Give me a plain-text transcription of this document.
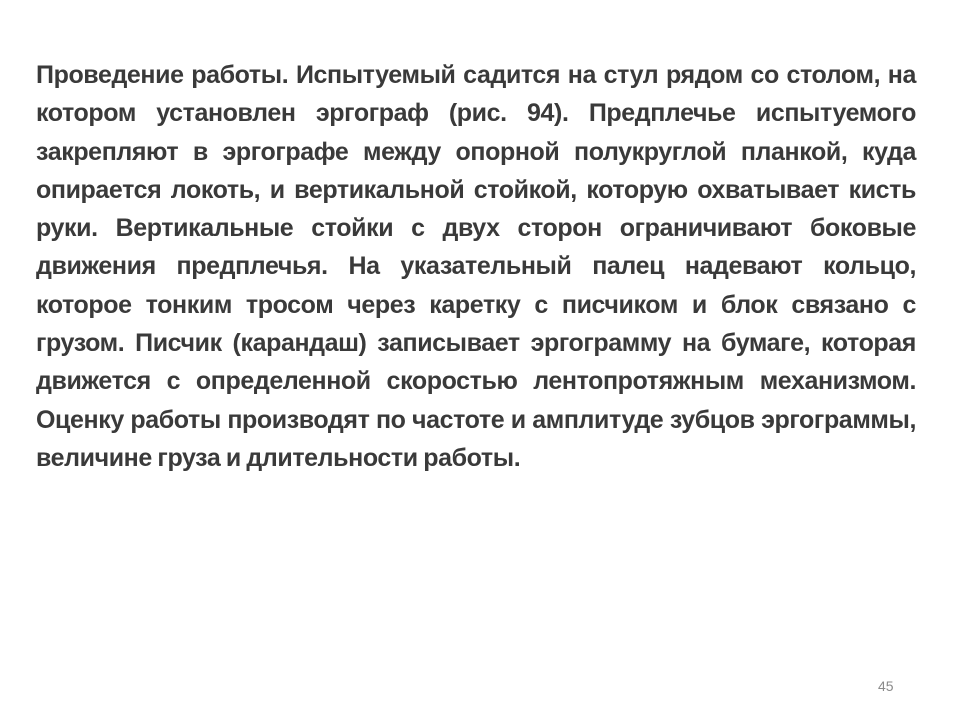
Проведение работы. Испытуемый садится на стул рядом со столом, на котором установлен эргограф (рис. 94). Предплечье испытуемого закрепляют в эргографе между опорной полукруглой планкой, куда опирается локоть, и вертикальной стойкой, которую охватывает кисть руки. Вертикальные стойки с двух сторон ограничивают боковые движения предплечья. На указательный палец надевают кольцо, которое тонким тросом через каретку с писчиком и блок связано с грузом. Писчик (карандаш) записывает эргограмму на бумаге, которая движется с определенной скоростью лентопротяжным механизмом. Оценку работы производят по частоте и амплитуде зубцов эргограммы, величине груза и длительности работы.

45
